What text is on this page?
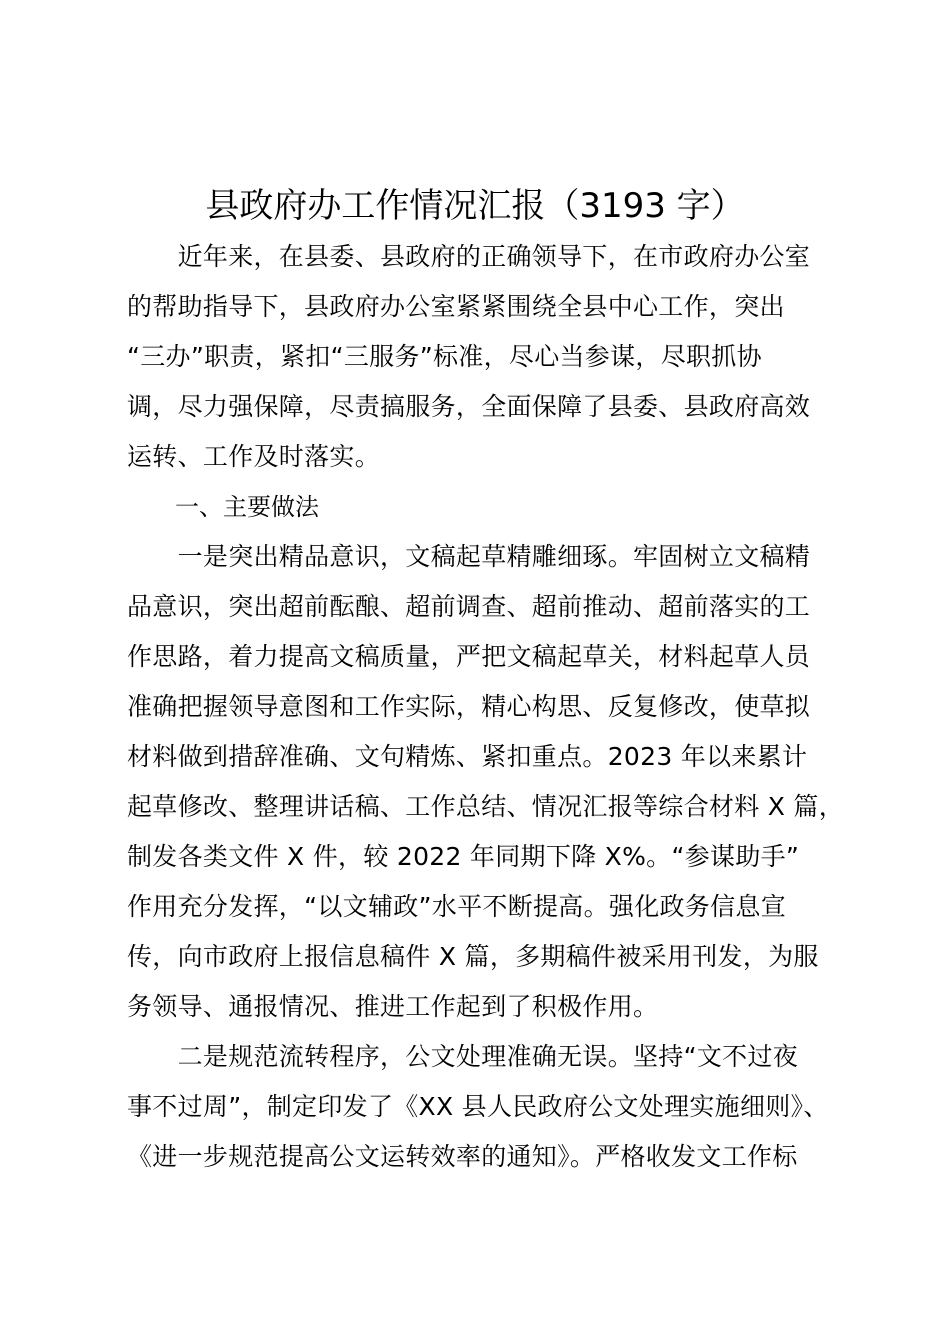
县政府办工作情况汇报（3193 字）
　　近年来，在县委、县政府的正确领导下，在市政府办公室
的帮助指导下，县政府办公室紧紧围绕全县中心工作，突出
“三办”职责，紧扣“三服务”标准，尽心当参谋，尽职抓协
调，尽力强保障，尽责搞服务，全面保障了县委、县政府高效
运转、工作及时落实。
　　一、主要做法
　　一是突出精品意识，文稿起草精雕细琢。牢固树立文稿精
品意识，突出超前酝酿、超前调查、超前推动、超前落实的工
作思路，着力提高文稿质量，严把文稿起草关，材料起草人员
准确把握领导意图和工作实际，精心构思、反复修改，使草拟
材料做到措辞准确、文句精炼、紧扣重点。2023 年以来累计
起草修改、整理讲话稿、工作总结、情况汇报等综合材料 X 篇，
制发各类文件 X 件，较 2022 年同期下降 X%。“参谋助手”
作用充分发挥，“以文辅政”水平不断提高。强化政务信息宣
传，向市政府上报信息稿件 X 篇，多期稿件被采用刊发，为服
务领导、通报情况、推进工作起到了积极作用。
　　二是规范流转程序，公文处理准确无误。坚持“文不过夜
事不过周”，制定印发了《XX 县人民政府公文处理实施细则》、
《进一步规范提高公文运转效率的通知》。严格收发文工作标
